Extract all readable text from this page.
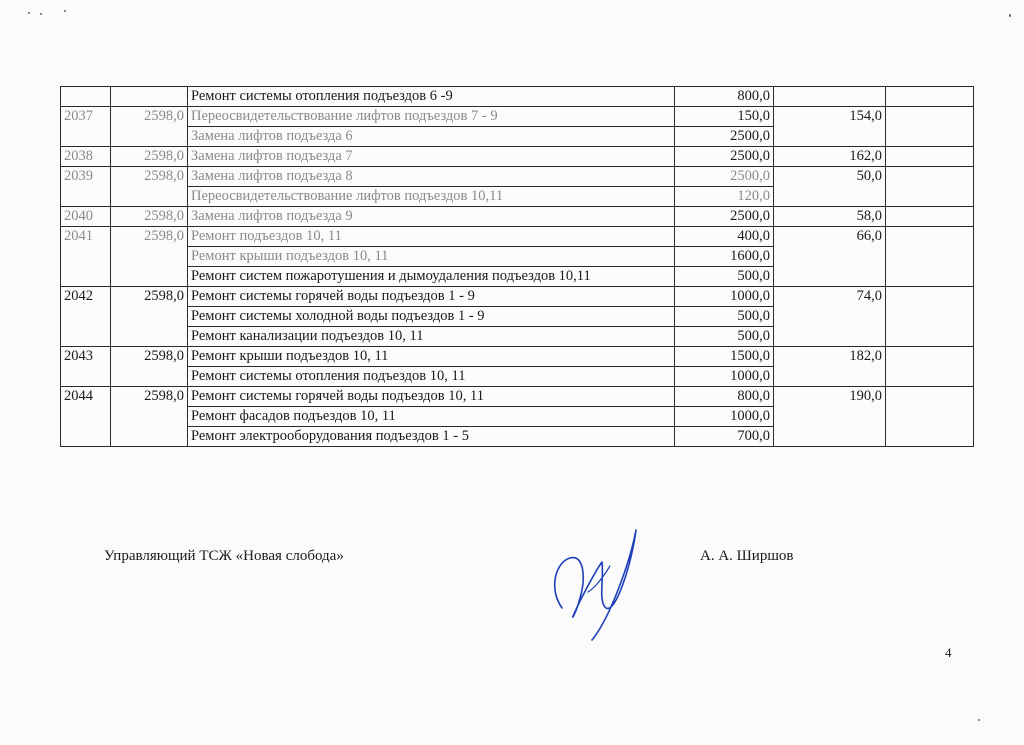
		Ремонт системы отопления подъездов 6 -9	800,0		
2037	2598,0	Переосвидетельствование лифтов подъездов 7 - 9	150,0	154,0	
		Замена лифтов подъезда 6	2500,0		
2038	2598,0	Замена лифтов подъезда 7	2500,0	162,0	
2039	2598,0	Замена лифтов подъезда 8	2500,0	50,0	
		Переосвидетельствование лифтов подъездов 10,11	120,0		
2040	2598,0	Замена лифтов подъезда 9	2500,0	58,0	
2041	2598,0	Ремонт подъездов 10, 11	400,0	66,0	
		Ремонт крыши подъездов 10, 11	1600,0		
		Ремонт систем пожаротушения и дымоудаления подъездов 10,11	500,0		
2042	2598,0	Ремонт системы горячей воды подъездов 1 - 9	1000,0	74,0	
		Ремонт системы холодной воды подъездов 1 - 9	500,0		
		Ремонт канализации подъездов 10, 11	500,0		
2043	2598,0	Ремонт крыши подъездов 10, 11	1500,0	182,0	
		Ремонт системы отопления подъездов 10, 11	1000,0		
2044	2598,0	Ремонт системы горячей воды подъездов 10, 11	800,0	190,0	
		Ремонт фасадов подъездов 10, 11	1000,0		
		Ремонт электрооборудования подъездов 1 - 5	700,0		
Управляющий ТСЖ «Новая слобода»	А. А. Ширшов
4
